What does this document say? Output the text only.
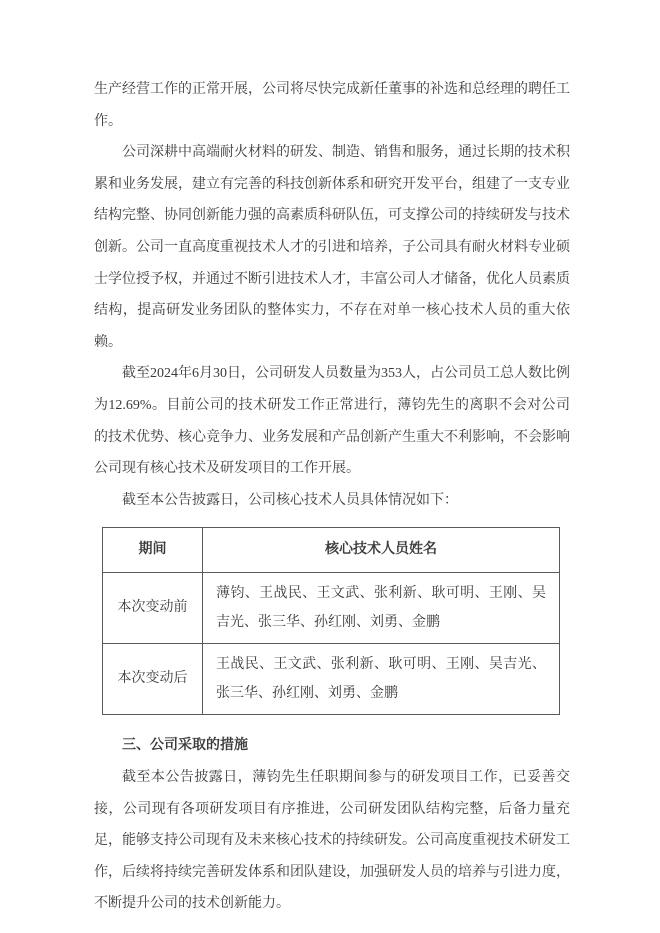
生产经营工作的正常开展，公司将尽快完成新任董事的补选和总经理的聘任工作。

公司深耕中高端耐火材料的研发、制造、销售和服务，通过长期的技术积累和业务发展，建立有完善的科技创新体系和研究开发平台，组建了一支专业结构完整、协同创新能力强的高素质科研队伍，可支撑公司的持续研发与技术创新。公司一直高度重视技术人才的引进和培养，子公司具有耐火材料专业硕士学位授予权，并通过不断引进技术人才，丰富公司人才储备，优化人员素质结构，提高研发业务团队的整体实力，不存在对单一核心技术人员的重大依赖。

截至2024年6月30日，公司研发人员数量为353人，占公司员工总人数比例为12.69%。目前公司的技术研发工作正常进行，薄钧先生的离职不会对公司的技术优势、核心竞争力、业务发展和产品创新产生重大不利影响，不会影响公司现有核心技术及研发项目的工作开展。

截至本公告披露日，公司核心技术人员具体情况如下：

期间	核心技术人员姓名
本次变动前	薄钧、王战民、王文武、张利新、耿可明、王刚、吴吉光、张三华、孙红刚、刘勇、金鹏
本次变动后	王战民、王文武、张利新、耿可明、王刚、吴吉光、张三华、孙红刚、刘勇、金鹏

三、公司采取的措施

截至本公告披露日，薄钧先生任职期间参与的研发项目工作，已妥善交接，公司现有各项研发项目有序推进，公司研发团队结构完整，后备力量充足，能够支持公司现有及未来核心技术的持续研发。公司高度重视技术研发工作，后续将持续完善研发体系和团队建设，加强研发人员的培养与引进力度，不断提升公司的技术创新能力。
